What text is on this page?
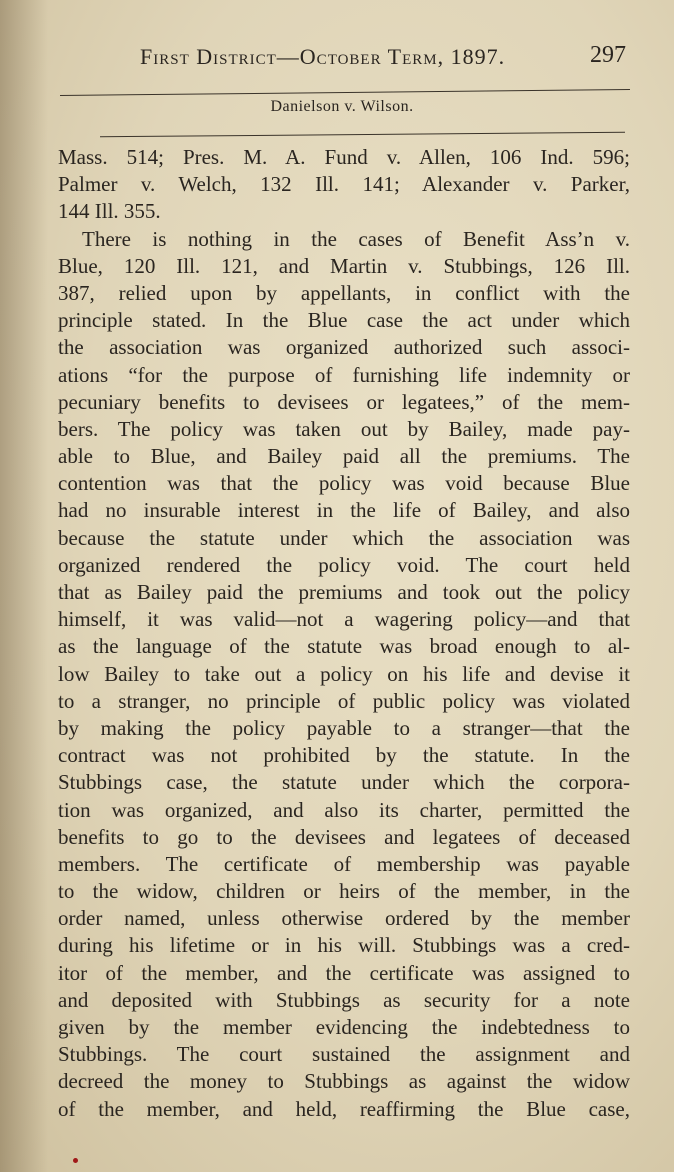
First District—October Term, 1897.	297
Danielson v. Wilson.
Mass. 514; Pres. M. A. Fund v. Allen, 106 Ind. 596;
Palmer v. Welch, 132 Ill. 141; Alexander v. Parker,
144 Ill. 355.
There is nothing in the cases of Benefit Ass’n v.
Blue, 120 Ill. 121, and Martin v. Stubbings, 126 Ill.
387, relied upon by appellants, in conflict with the
principle stated. In the Blue case the act under which
the association was organized authorized such associ-
ations “for the purpose of furnishing life indemnity or
pecuniary benefits to devisees or legatees,” of the mem-
bers. The policy was taken out by Bailey, made pay-
able to Blue, and Bailey paid all the premiums. The
contention was that the policy was void because Blue
had no insurable interest in the life of Bailey, and also
because the statute under which the association was
organized rendered the policy void. The court held
that as Bailey paid the premiums and took out the policy
himself, it was valid—not a wagering policy—and that
as the language of the statute was broad enough to al-
low Bailey to take out a policy on his life and devise it
to a stranger, no principle of public policy was violated
by making the policy payable to a stranger—that the
contract was not prohibited by the statute. In the
Stubbings case, the statute under which the corpora-
tion was organized, and also its charter, permitted the
benefits to go to the devisees and legatees of deceased
members. The certificate of membership was payable
to the widow, children or heirs of the member, in the
order named, unless otherwise ordered by the member
during his lifetime or in his will. Stubbings was a cred-
itor of the member, and the certificate was assigned to
and deposited with Stubbings as security for a note
given by the member evidencing the indebtedness to
Stubbings. The court sustained the assignment and
decreed the money to Stubbings as against the widow
of the member, and held, reaffirming the Blue case,
